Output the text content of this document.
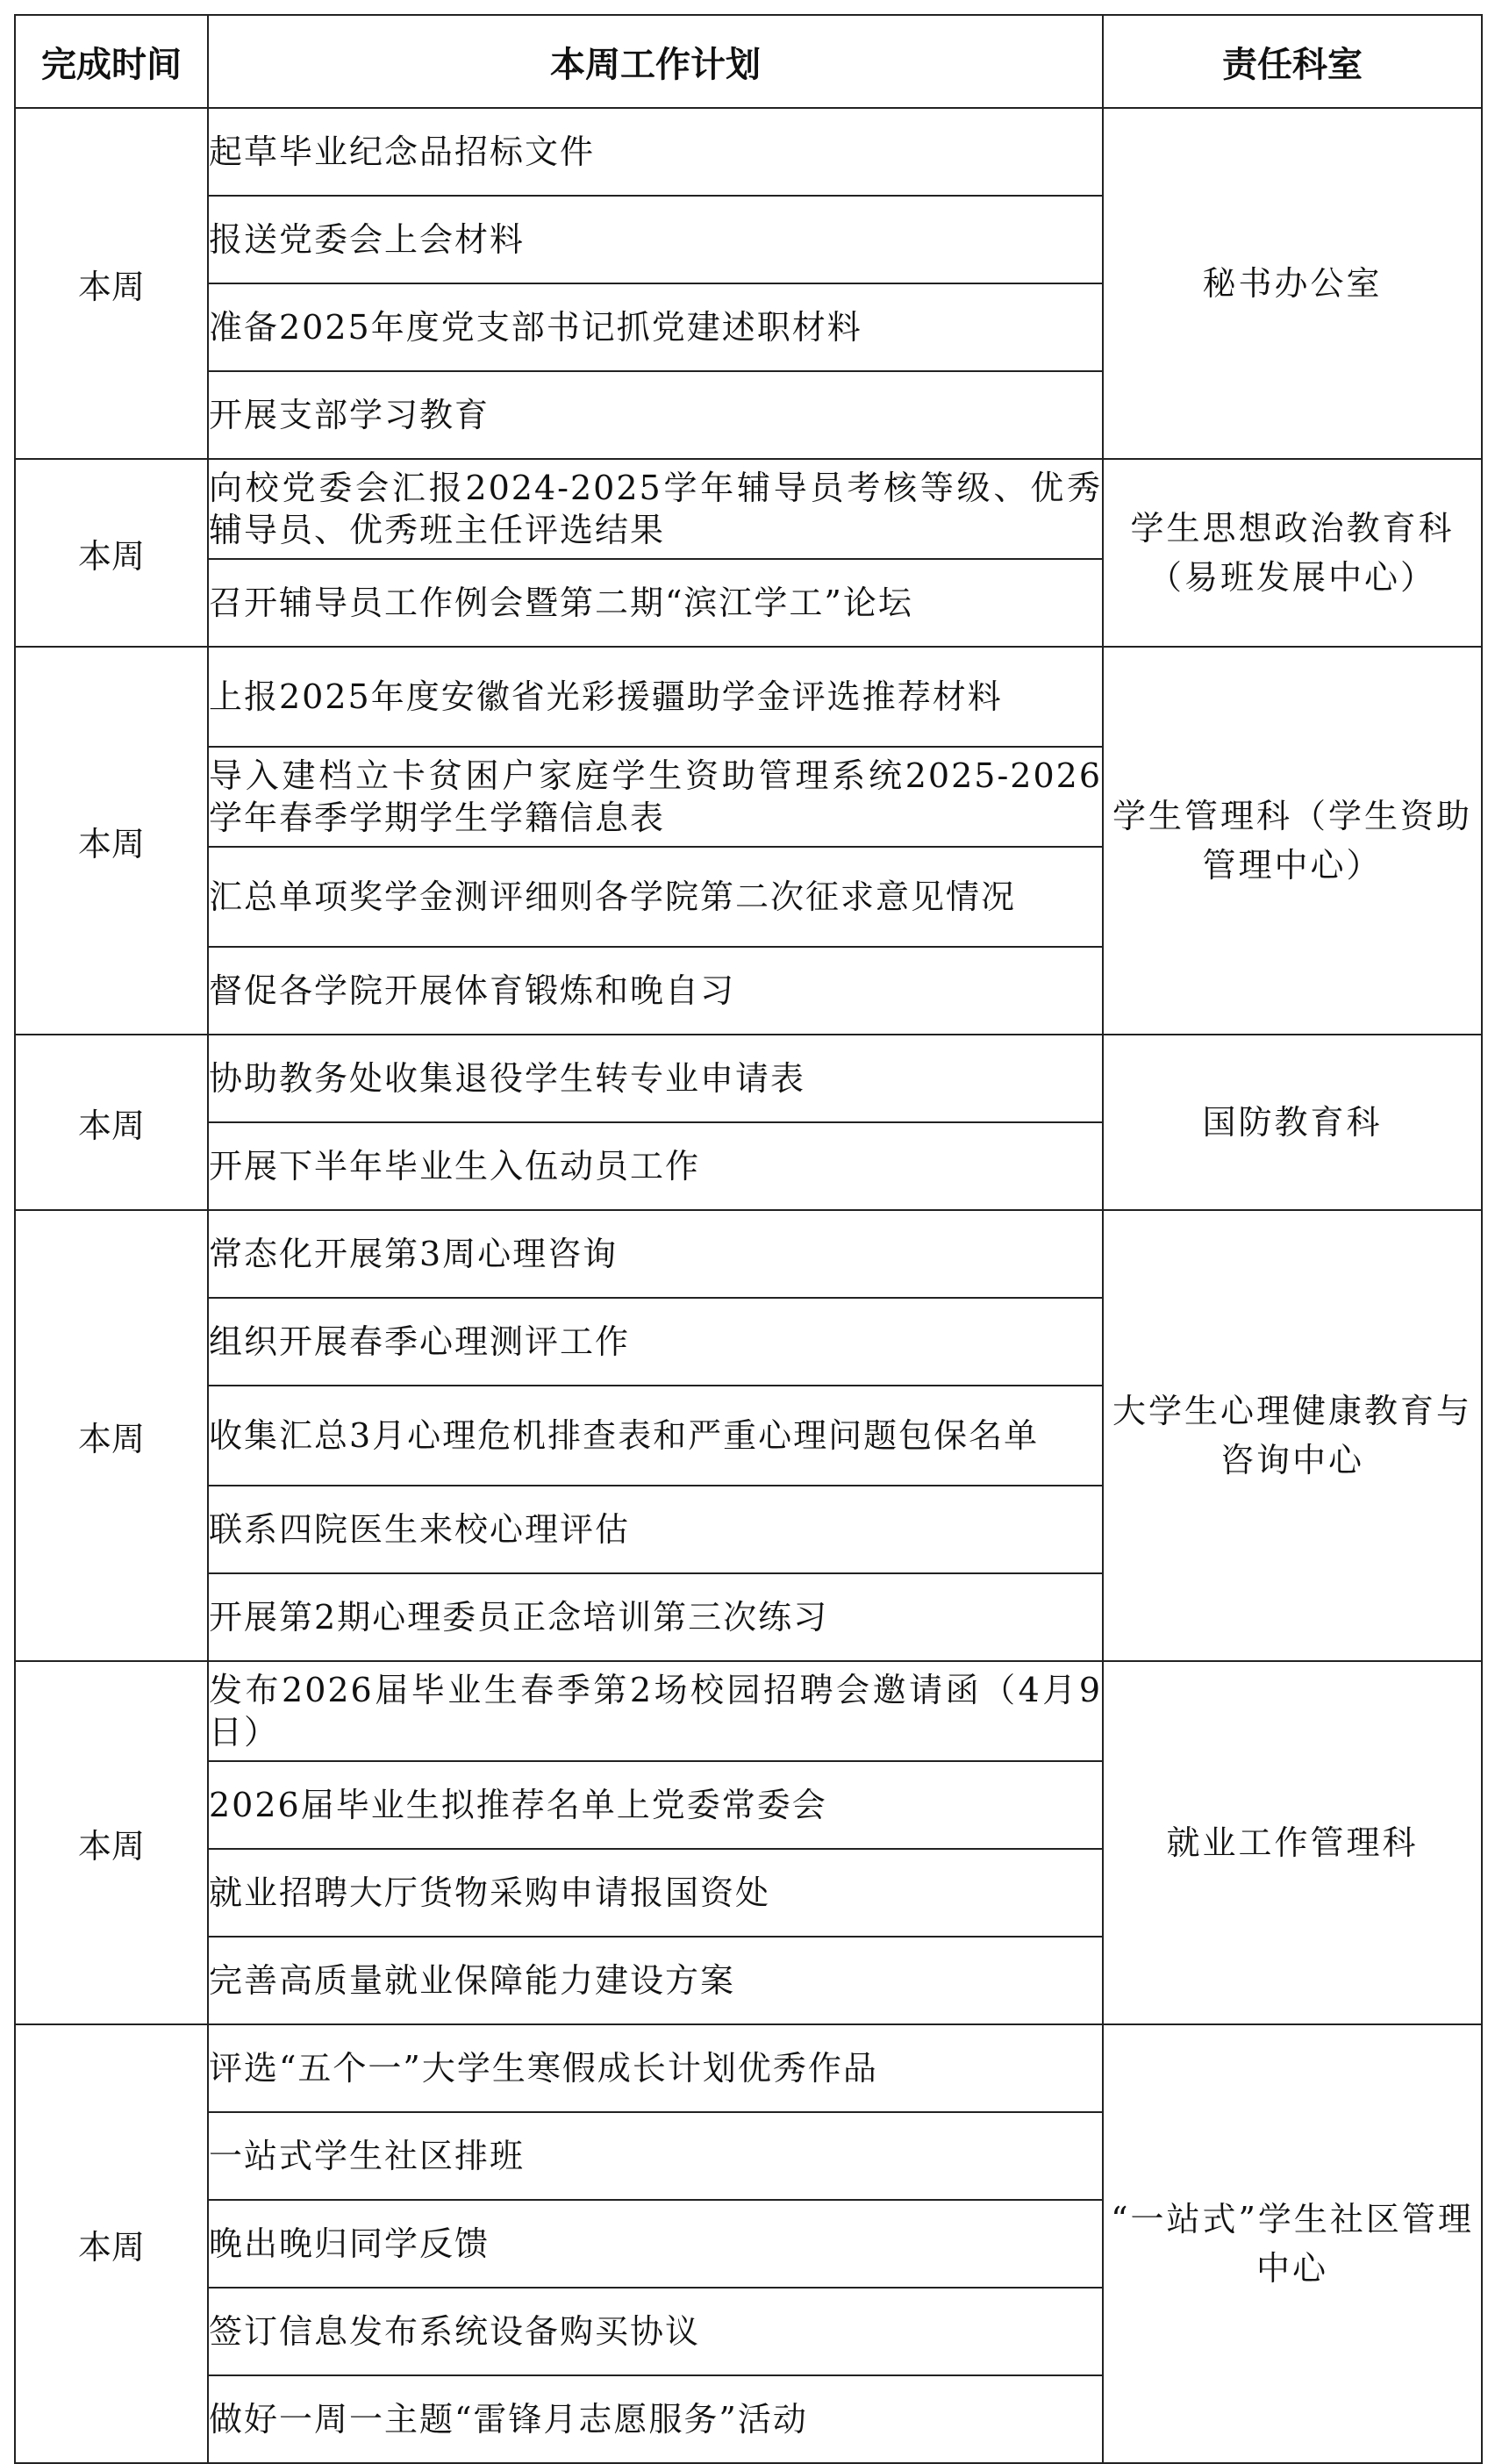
完成时间	本周工作计划	责任科室
本周	起草毕业纪念品招标文件	秘书办公室
	报送党委会上会材料	
	准备2025年度党支部书记抓党建述职材料	
	开展支部学习教育	
本周	向校党委会汇报2024-2025学年辅导员考核等级、优秀辅导员、优秀班主任评选结果	学生思想政治教育科（易班发展中心）
	召开辅导员工作例会暨第二期“滨江学工”论坛	
本周	上报2025年度安徽省光彩援疆助学金评选推荐材料	学生管理科（学生资助管理中心）
	导入建档立卡贫困户家庭学生资助管理系统2025-2026学年春季学期学生学籍信息表	
	汇总单项奖学金测评细则各学院第二次征求意见情况	
	督促各学院开展体育锻炼和晚自习	
本周	协助教务处收集退役学生转专业申请表	国防教育科
	开展下半年毕业生入伍动员工作	
本周	常态化开展第3周心理咨询	大学生心理健康教育与咨询中心
	组织开展春季心理测评工作	
	收集汇总3月心理危机排查表和严重心理问题包保名单	
	联系四院医生来校心理评估	
	开展第2期心理委员正念培训第三次练习	
本周	发布2026届毕业生春季第2场校园招聘会邀请函（4月9日）	就业工作管理科
	2026届毕业生拟推荐名单上党委常委会	
	就业招聘大厅货物采购申请报国资处	
	完善高质量就业保障能力建设方案	
本周	评选“五个一”大学生寒假成长计划优秀作品	“一站式”学生社区管理中心
	一站式学生社区排班	
	晚出晚归同学反馈	
	签订信息发布系统设备购买协议	
	做好一周一主题“雷锋月志愿服务”活动	
